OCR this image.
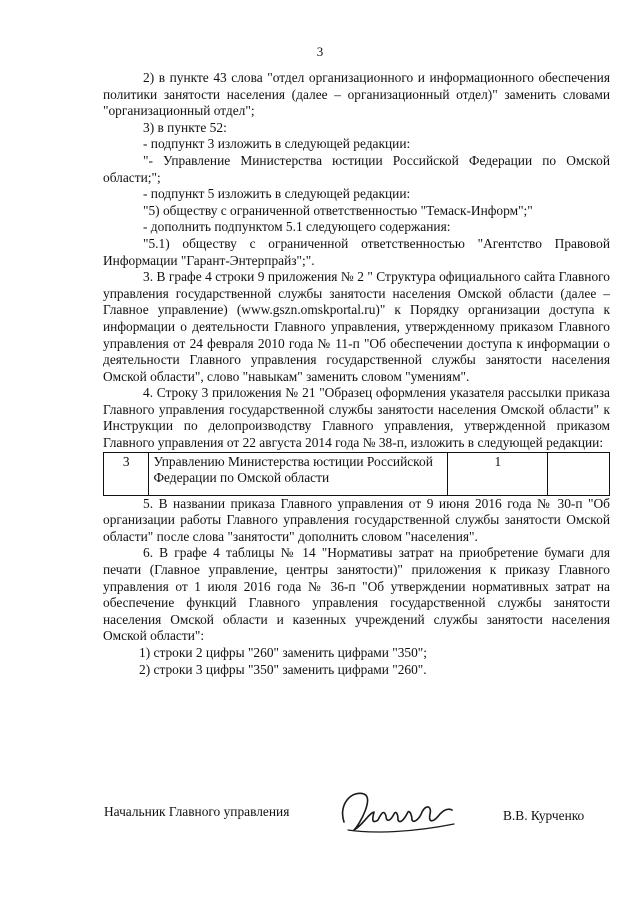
3

2) в пункте 43 слова "отдел организационного и информационного обеспечения политики занятости населения (далее – организационный отдел)" заменить словами "организационный отдел";

3) в пункте 52:

- подпункт 3 изложить в следующей редакции:

"- Управление Министерства юстиции Российской Федерации по Омской области;";

- подпункт 5 изложить в следующей редакции:

"5) обществу с ограниченной ответственностью "Темаск-Информ";"

- дополнить подпунктом 5.1 следующего содержания:

"5.1) обществу с ограниченной ответственностью "Агентство Правовой Информации "Гарант-Энтерпрайз";".

3. В графе 4 строки 9 приложения № 2 " Структура официального сайта Главного управления государственной службы занятости населения Омской области (далее – Главное управление) (www.gszn.omskportal.ru)" к Порядку организации доступа к информации о деятельности Главного управления, утвержденному приказом Главного управления от 24 февраля 2010 года № 11-п "Об обеспечении доступа к информации о деятельности Главного управления государственной службы занятости населения Омской области", слово "навыкам" заменить словом "умениям".

4. Строку 3 приложения № 21 "Образец оформления указателя рассылки приказа Главного управления государственной службы занятости населения Омской области" к Инструкции по делопроизводству Главного управления, утвержденной приказом Главного управления от 22 августа 2014 года № 38-п, изложить в следующей редакции:

3	Управлению Министерства юстиции Российской Федерации по Омской области	1	

5. В названии приказа Главного управления от 9 июня 2016 года № 30-п "Об организации работы Главного управления государственной службы занятости Омской области" после слова "занятости" дополнить словом "населения".

6. В графе 4 таблицы № 14 "Нормативы затрат на приобретение бумаги для печати (Главное управление, центры занятости)" приложения к приказу Главного управления от 1 июля 2016 года № 36-п "Об утверждении нормативных затрат на обеспечение функций Главного управления государственной службы занятости населения Омской области и казенных учреждений службы занятости населения Омской области":

1) строки 2 цифры "260" заменить цифрами "350";

2) строки 3 цифры "350" заменить цифрами "260".

Начальник Главного управления	В.В. Курченко
